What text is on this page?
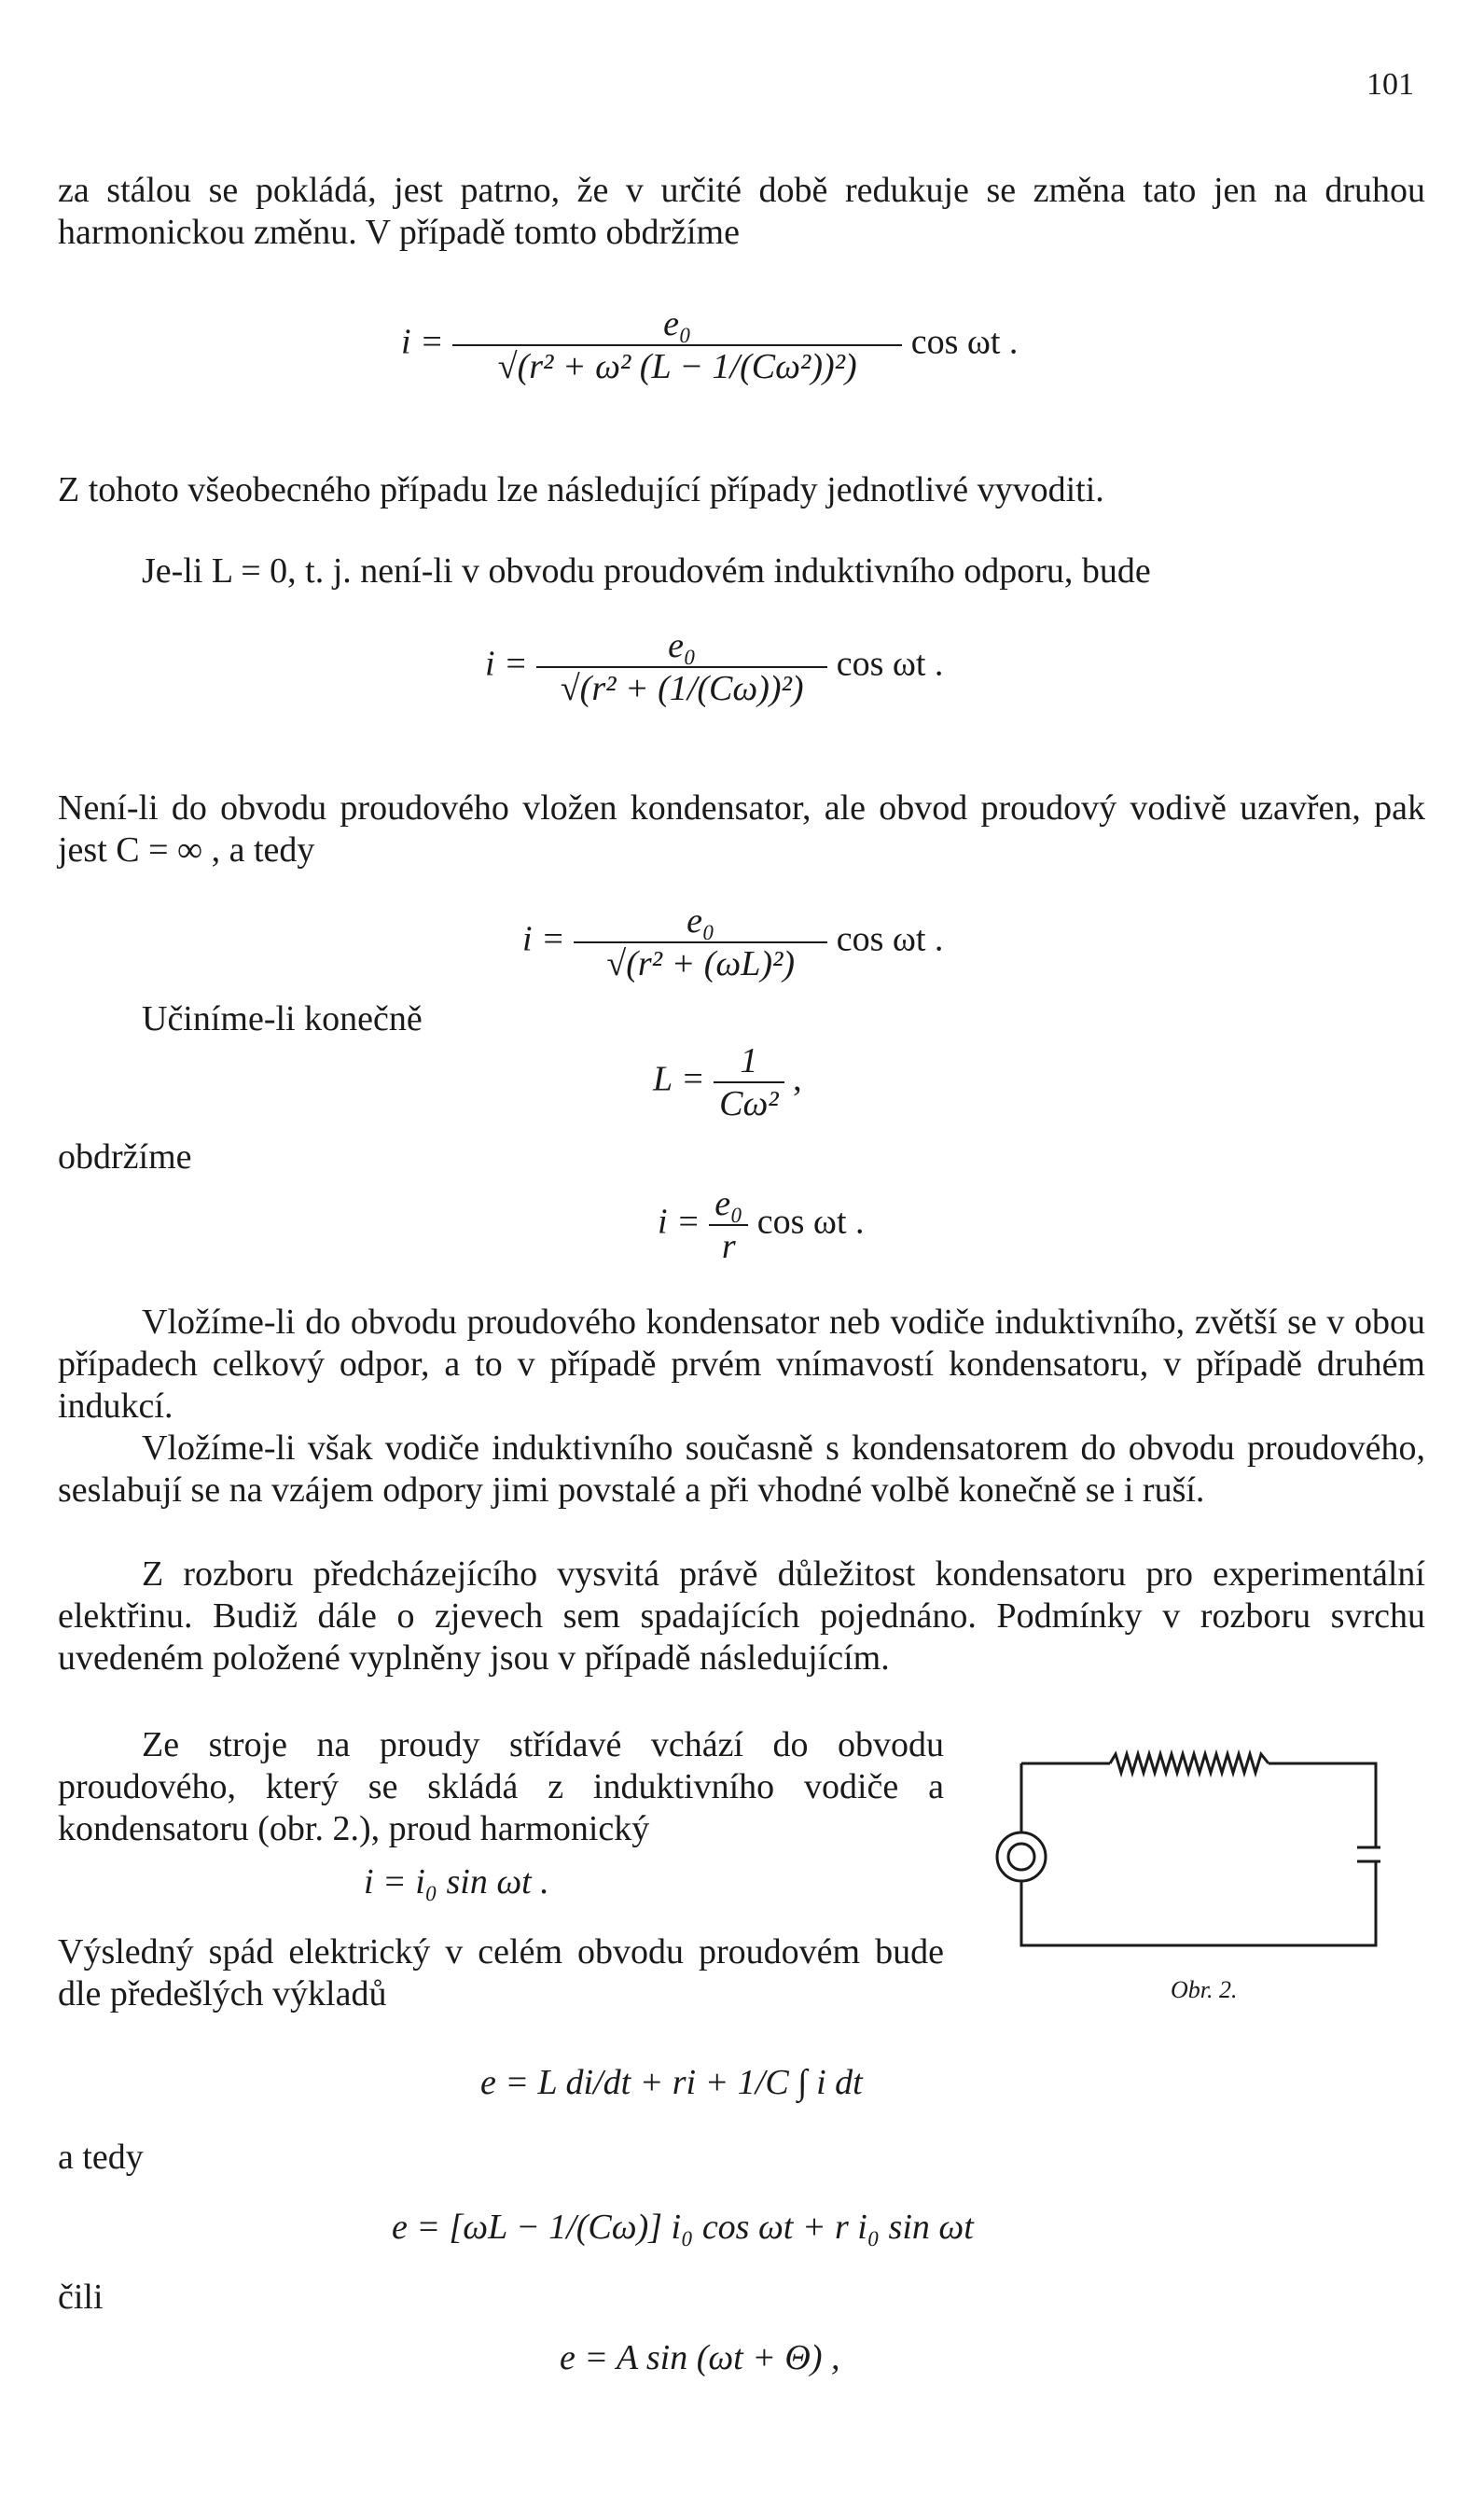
101
za stálou se pokládá, jest patrno, že v určité době redukuje se změna tato jen na druhou harmonickou změnu. V případě tomto obdržíme
$i = \frac{\text{e₀}}{\text{√(r² + ω² (L − 1/(Cω²))²)}}$ cos ωt .
Z tohoto všeobecného případu lze následující případy jednotlivé vyvoditi.
Je-li L = 0, t. j. není-li v obvodu proudovém induktivního odporu, bude
$i = \frac{\text{e₀}}{\text{√(r² + (1/(Cω))²)}}$ cos ωt .
Není-li do obvodu proudového vložen kondensator, ale obvod proudový vodivě uzavřen, pak jest C = ∞ , a tedy
$i = \frac{\text{e₀}}{\text{√(r² + (ωL)²)}}$ cos ωt .
Učiníme-li konečně
$L = \frac{1}{\text{Cω²}}$ ,
obdržíme
$i = \frac{\text{e₀}}{r}$ cos ωt .
Vložíme-li do obvodu proudového kondensator neb vodiče induktivního, zvětší se v obou případech celkový odpor, a to v případě prvém vnímavostí kondensatoru, v případě druhém indukcí.
Vložíme-li však vodiče induktivního současně s kondensatorem do obvodu proudového, seslabují se na vzájem odpory jimi povstalé a při vhodné volbě konečně se i ruší.
Z rozboru předcházejícího vysvitá právě důležitost kondensatoru pro experimentální elektřinu. Budiž dále o zjevech sem spadajících pojednáno. Podmínky v rozboru svrchu uvedeném položené vyplněny jsou v případě následujícím.
Ze stroje na proudy střídavé vchází do obvodu proudového, který se skládá z induktivního vodiče a kondensatoru (obr. 2.), proud harmonický
i = i₀ sin ωt .
Výsledný spád elektrický v celém obvodu proudovém bude dle předešlých výkladů	Obr. 2.
e = L di/dt + ri + 1/C ∫ i dt
a tedy
e = [ωL − 1/(Cω)] i₀ cos ωt + r i₀ sin ωt
čili
e = A sin (ωt + Θ) ,
